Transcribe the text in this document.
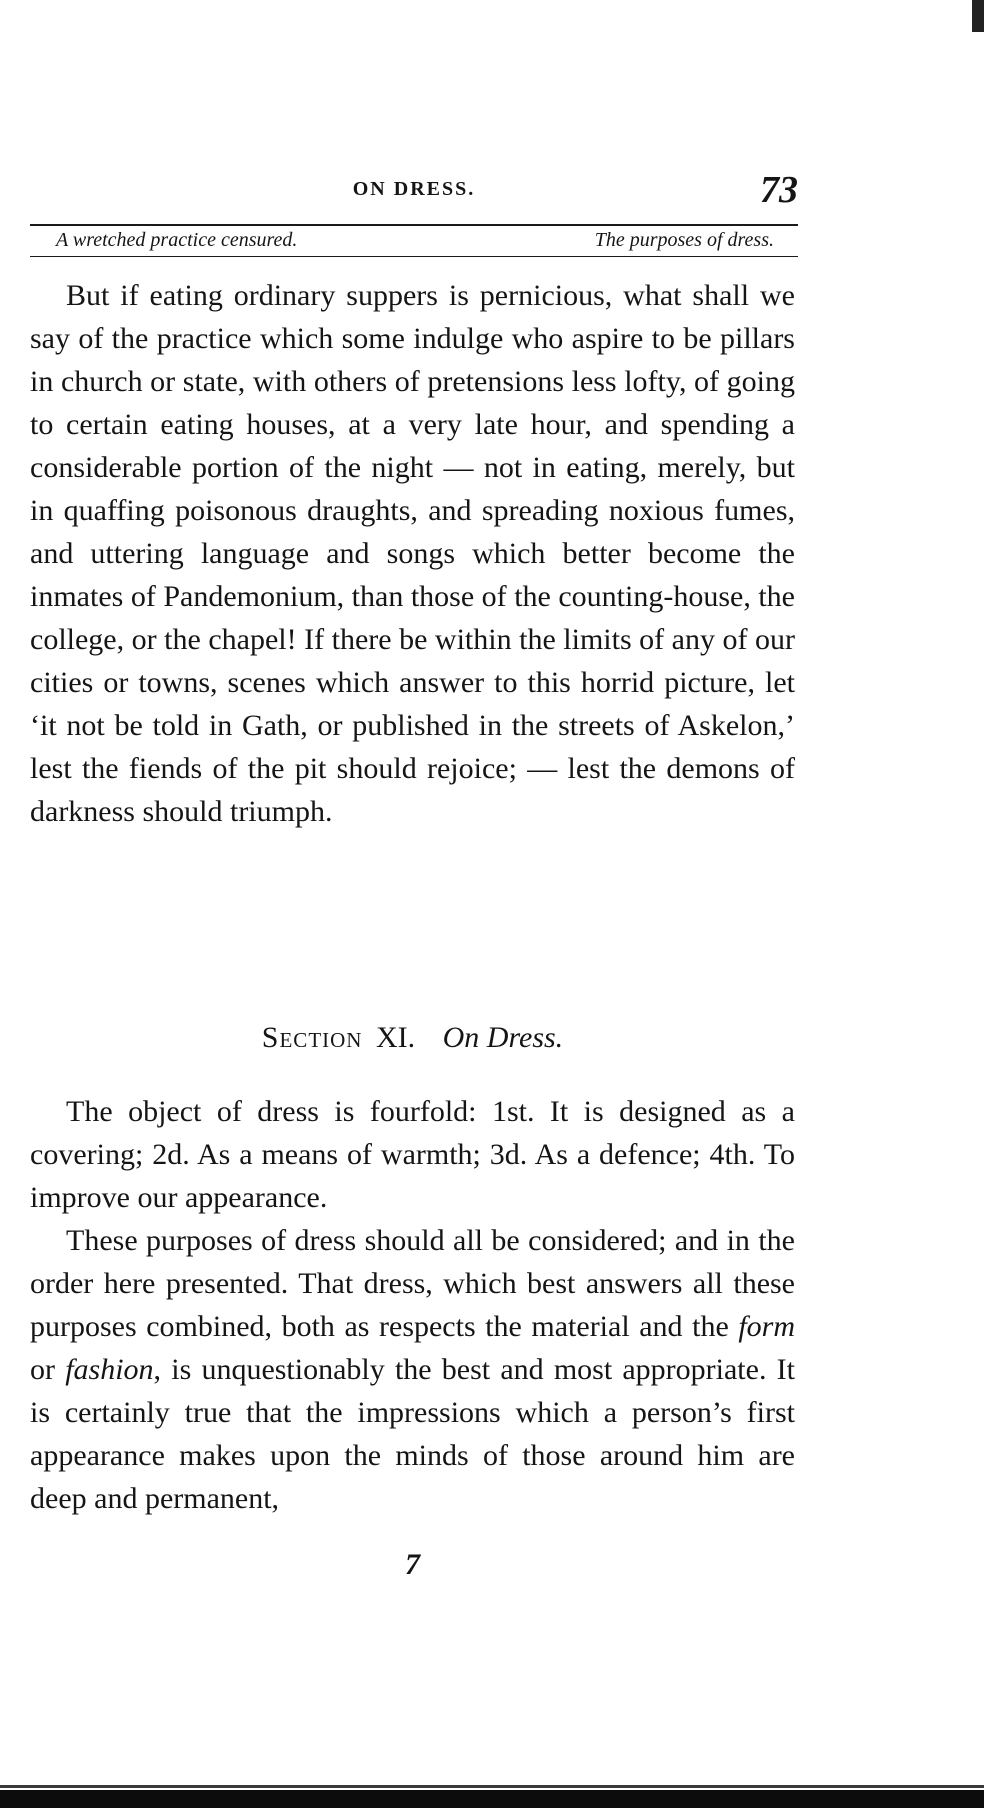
ON DRESS.	73
A wretched practice censured.	The purposes of dress.

But if eating ordinary suppers is pernicious, what shall we say of the practice which some indulge who aspire to be pillars in church or state, with others of pretensions less lofty, of going to certain eating houses, at a very late hour, and spending a considerable portion of the night — not in eating, merely, but in quaffing poisonous draughts, and spreading noxious fumes, and uttering language and songs which better become the inmates of Pandemonium, than those of the counting-house, the college, or the chapel! If there be within the limits of any of our cities or towns, scenes which answer to this horrid picture, let ‘it not be told in Gath, or published in the streets of Askelon,’ lest the fiends of the pit should rejoice; — lest the demons of darkness should triumph.

Section XI. On Dress.

The object of dress is fourfold: 1st. It is designed as a covering; 2d. As a means of warmth; 3d. As a defence; 4th. To improve our appearance.

These purposes of dress should all be considered; and in the order here presented. That dress, which best answers all these purposes combined, both as respects the material and the form or fashion, is unquestionably the best and most appropriate. It is certainly true that the impressions which a person’s first appearance makes upon the minds of those around him are deep and permanent,

7
